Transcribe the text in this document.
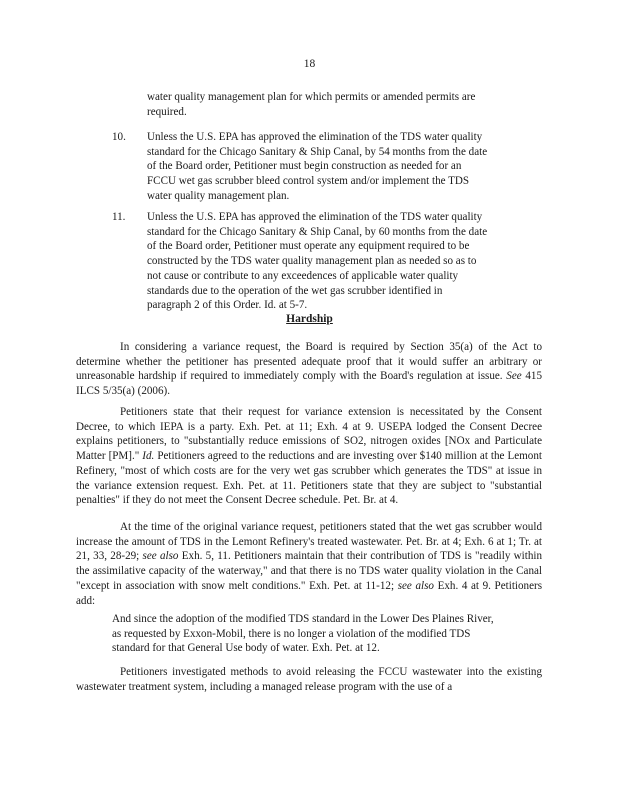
18
water quality management plan for which permits or amended permits are required.
10. Unless the U.S. EPA has approved the elimination of the TDS water quality standard for the Chicago Sanitary & Ship Canal, by 54 months from the date of the Board order, Petitioner must begin construction as needed for an FCCU wet gas scrubber bleed control system and/or implement the TDS water quality management plan.
11. Unless the U.S. EPA has approved the elimination of the TDS water quality standard for the Chicago Sanitary & Ship Canal, by 60 months from the date of the Board order, Petitioner must operate any equipment required to be constructed by the TDS water quality management plan as needed so as to not cause or contribute to any exceedences of applicable water quality standards due to the operation of the wet gas scrubber identified in paragraph 2 of this Order. Id. at 5-7.
Hardship

In considering a variance request, the Board is required by Section 35(a) of the Act to determine whether the petitioner has presented adequate proof that it would suffer an arbitrary or unreasonable hardship if required to immediately comply with the Board's regulation at issue. See 415 ILCS 5/35(a) (2006).

Petitioners state that their request for variance extension is necessitated by the Consent Decree, to which IEPA is a party. Exh. Pet. at 11; Exh. 4 at 9. USEPA lodged the Consent Decree explains petitioners, to "substantially reduce emissions of SO2, nitrogen oxides [NOx and Particulate Matter [PM]." Id. Petitioners agreed to the reductions and are investing over $140 million at the Lemont Refinery, "most of which costs are for the very wet gas scrubber which generates the TDS" at issue in the variance extension request. Exh. Pet. at 11. Petitioners state that they are subject to "substantial penalties" if they do not meet the Consent Decree schedule. Pet. Br. at 4.

At the time of the original variance request, petitioners stated that the wet gas scrubber would increase the amount of TDS in the Lemont Refinery's treated wastewater. Pet. Br. at 4; Exh. 6 at 1; Tr. at 21, 33, 28-29; see also Exh. 5, 11. Petitioners maintain that their contribution of TDS is "readily within the assimilative capacity of the waterway," and that there is no TDS water quality violation in the Canal "except in association with snow melt conditions." Exh. Pet. at 11-12; see also Exh. 4 at 9. Petitioners add:

And since the adoption of the modified TDS standard in the Lower Des Plaines River, as requested by Exxon-Mobil, there is no longer a violation of the modified TDS standard for that General Use body of water. Exh. Pet. at 12.

Petitioners investigated methods to avoid releasing the FCCU wastewater into the existing wastewater treatment system, including a managed release program with the use of a
